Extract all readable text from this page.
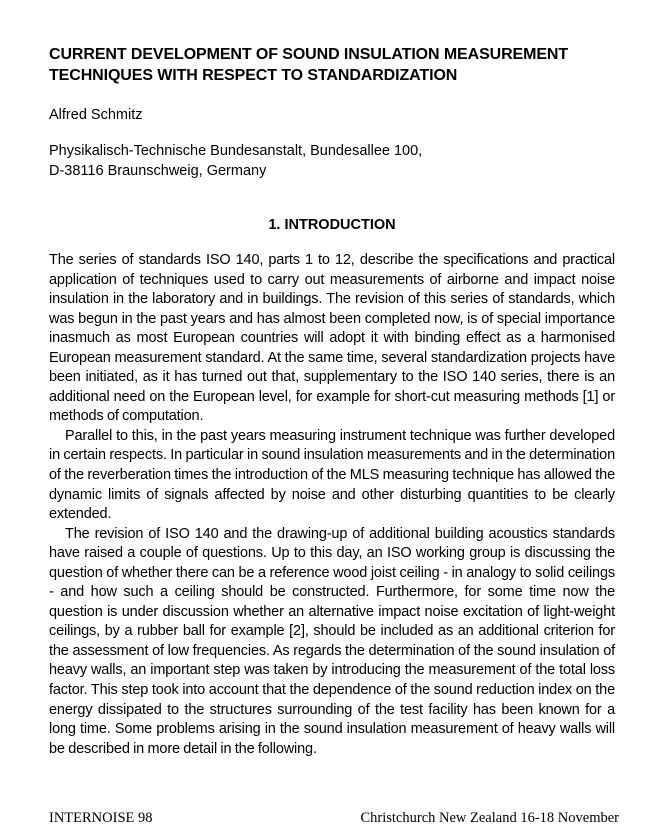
CURRENT DEVELOPMENT OF SOUND INSULATION MEASUREMENT TECHNIQUES WITH RESPECT TO STANDARDIZATION

Alfred Schmitz

Physikalisch-Technische Bundesanstalt, Bundesallee 100,
D-38116 Braunschweig, Germany

1. INTRODUCTION

The series of standards ISO 140, parts 1 to 12, describe the specifications and practical application of techniques used to carry out measurements of airborne and impact noise insulation in the laboratory and in buildings. The revision of this series of standards, which was begun in the past years and has almost been completed now, is of special importance inasmuch as most European countries will adopt it with binding effect as a harmonised European measurement standard. At the same time, several standardization projects have been initiated, as it has turned out that, supplementary to the ISO 140 series, there is an additional need on the European level, for example for short-cut measuring methods [1] or methods of computation.

Parallel to this, in the past years measuring instrument technique was further developed in certain respects. In particular in sound insulation measurements and in the determination of the reverberation times the introduction of the MLS measuring technique has allowed the dynamic limits of signals affected by noise and other disturbing quantities to be clearly extended.

The revision of ISO 140 and the drawing-up of additional building acoustics standards have raised a couple of questions. Up to this day, an ISO working group is discussing the question of whether there can be a reference wood joist ceiling - in analogy to solid ceilings - and how such a ceiling should be constructed. Furthermore, for some time now the question is under discussion whether an alternative impact noise excitation of light-weight ceilings, by a rubber ball for example [2], should be included as an additional criterion for the assessment of low frequencies. As regards the determination of the sound insulation of heavy walls, an important step was taken by introducing the measurement of the total loss factor. This step took into account that the dependence of the sound reduction index on the energy dissipated to the structures surrounding of the test facility has been known for a long time. Some problems arising in the sound insulation measurement of heavy walls will be described in more detail in the following.

INTERNOISE 98	Christchurch New Zealand 16-18 November
